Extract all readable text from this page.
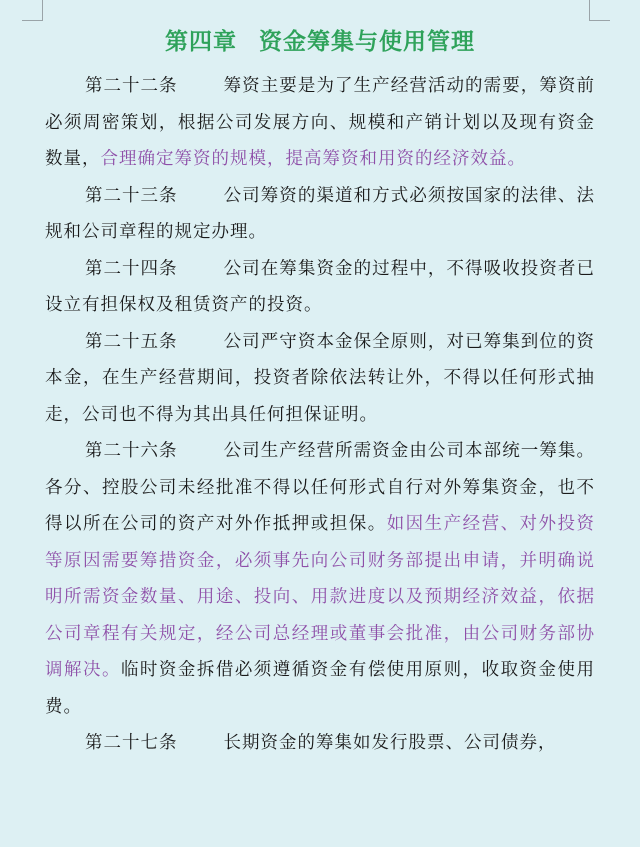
第四章 资金筹集与使用管理

第二十二条	筹资主要是为了生产经营活动的需要，筹资前必须周密策划，根据公司发展方向、规模和产销计划以及现有资金数量，合理确定筹资的规模，提高筹资和用资的经济效益。

第二十三条	公司筹资的渠道和方式必须按国家的法律、法规和公司章程的规定办理。

第二十四条	公司在筹集资金的过程中，不得吸收投资者已设立有担保权及租赁资产的投资。

第二十五条	公司严守资本金保全原则，对已筹集到位的资本金，在生产经营期间，投资者除依法转让外，不得以任何形式抽走，公司也不得为其出具任何担保证明。

第二十六条	公司生产经营所需资金由公司本部统一筹集。各分、控股公司未经批准不得以任何形式自行对外筹集资金，也不得以所在公司的资产对外作抵押或担保。如因生产经营、对外投资等原因需要筹措资金，必须事先向公司财务部提出申请，并明确说明所需资金数量、用途、投向、用款进度以及预期经济效益，依据公司章程有关规定，经公司总经理或董事会批准，由公司财务部协调解决。临时资金拆借必须遵循资金有偿使用原则，收取资金使用费。

第二十七条	长期资金的筹集如发行股票、公司债券，
